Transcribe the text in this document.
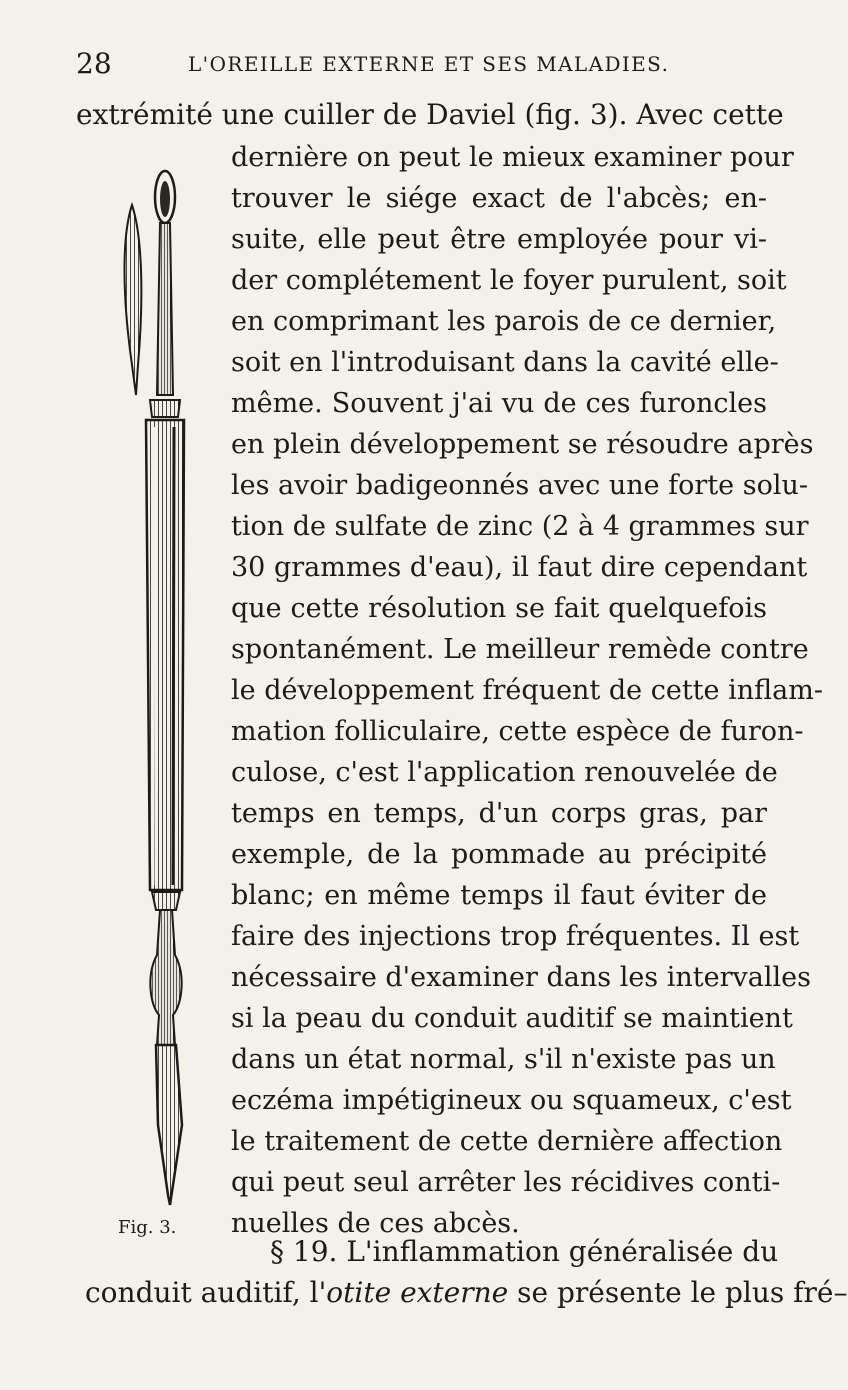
28	L'OREILLE EXTERNE ET SES MALADIES.
extrémité une cuiller de Daviel (fig. 3). Avec cette
dernière on peut le mieux examiner pour
trouver le siége exact de l'abcès; en-
suite, elle peut être employée pour vi-
der complétement le foyer purulent, soit
en comprimant les parois de ce dernier,
soit en l'introduisant dans la cavité elle-
même. Souvent j'ai vu de ces furoncles
en plein développement se résoudre après
les avoir badigeonnés avec une forte solu-
tion de sulfate de zinc (2 à 4 grammes sur
30 grammes d'eau), il faut dire cependant
que cette résolution se fait quelquefois
spontanément. Le meilleur remède contre
le développement fréquent de cette inflam-
mation folliculaire, cette espèce de furon-
culose, c'est l'application renouvelée de
temps en temps, d'un corps gras, par
exemple, de la pommade au précipité
blanc; en même temps il faut éviter de
faire des injections trop fréquentes. Il est
nécessaire d'examiner dans les intervalles
si la peau du conduit auditif se maintient
dans un état normal, s'il n'existe pas un
eczéma impétigineux ou squameux, c'est
le traitement de cette dernière affection
qui peut seul arrêter les récidives conti-
nuelles de ces abcès.
Fig. 3.
§ 19. L'inflammation généralisée du
conduit auditif, l'otite externe se présente le plus fré–
